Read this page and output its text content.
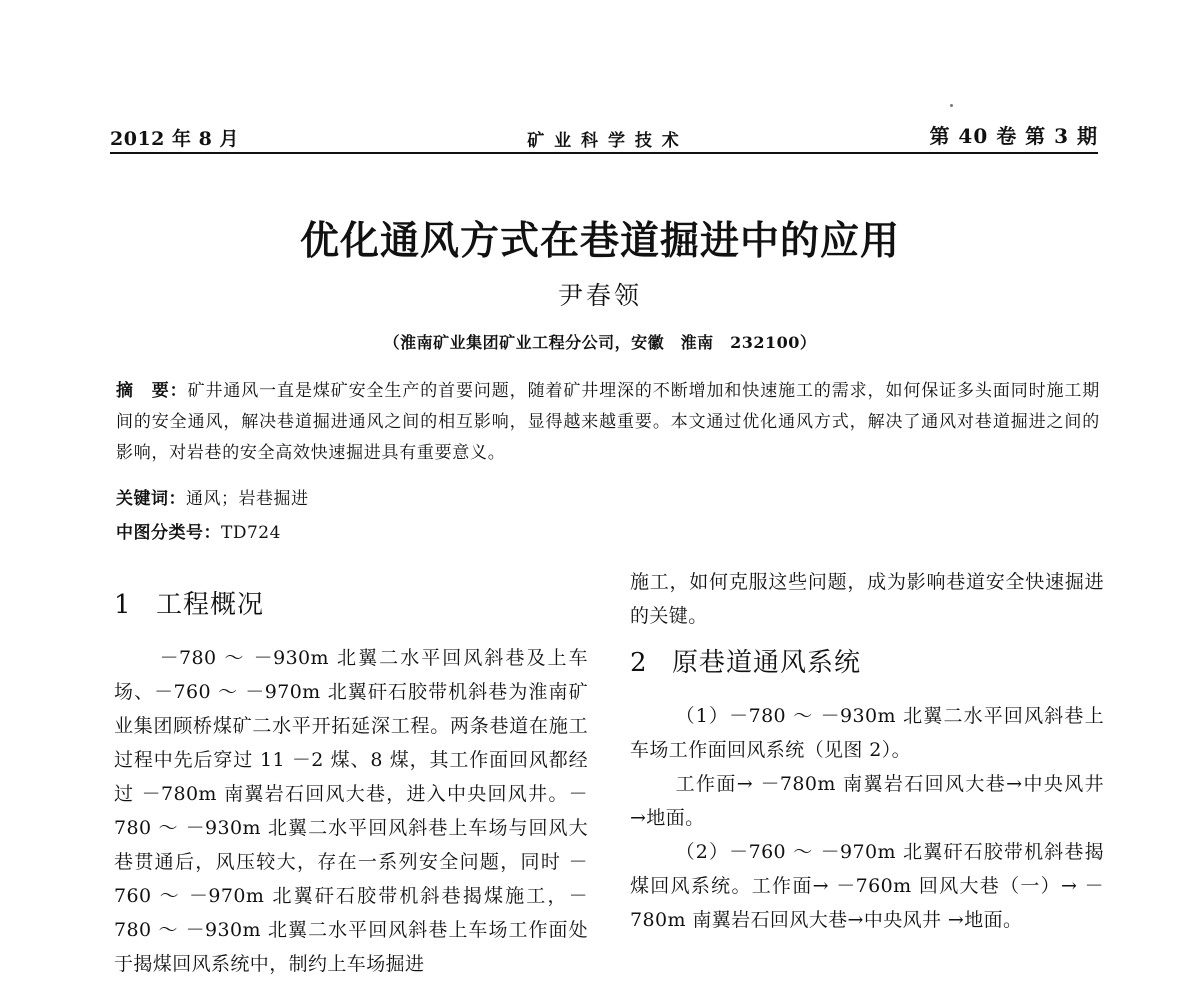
2012 年 8 月	矿 业 科 学 技 术	第 40 卷 第 3 期
优化通风方式在巷道掘进中的应用
尹春领
（淮南矿业集团矿业工程分公司，安徽　淮南　232100）
摘　要：矿井通风一直是煤矿安全生产的首要问题，随着矿井埋深的不断增加和快速施工的需求，如何保证多头面同时施工期间的安全通风，解决巷道掘进通风之间的相互影响，显得越来越重要。本文通过优化通风方式，解决了通风对巷道掘进之间的影响，对岩巷的安全高效快速掘进具有重要意义。
关键词：通风；岩巷掘进
中图分类号：TD724
1 工程概况

－780 ～ －930m 北翼二水平回风斜巷及上车场、－760 ～ －970m 北翼矸石胶带机斜巷为淮南矿业集团顾桥煤矿二水平开拓延深工程。两条巷道在施工过程中先后穿过 11 －2 煤、8 煤，其工作面回风都经过 －780m 南翼岩石回风大巷，进入中央回风井。－780 ～ －930m 北翼二水平回风斜巷上车场与回风大巷贯通后，风压较大，存在一系列安全问题，同时 －760 ～ －970m 北翼矸石胶带机斜巷揭煤施工，－780 ～ －930m 北翼二水平回风斜巷上车场工作面处于揭煤回风系统中，制约上车场掘进

施工，如何克服这些问题，成为影响巷道安全快速掘进的关键。

2 原巷道通风系统

（1）－780 ～ －930m 北翼二水平回风斜巷上车场工作面回风系统（见图 2）。

工作面→ －780m 南翼岩石回风大巷→中央风井 →地面。

（2）－760 ～ －970m 北翼矸石胶带机斜巷揭煤回风系统。工作面→ －760m 回风大巷（一）→ －780m 南翼岩石回风大巷→中央风井 →地面。
